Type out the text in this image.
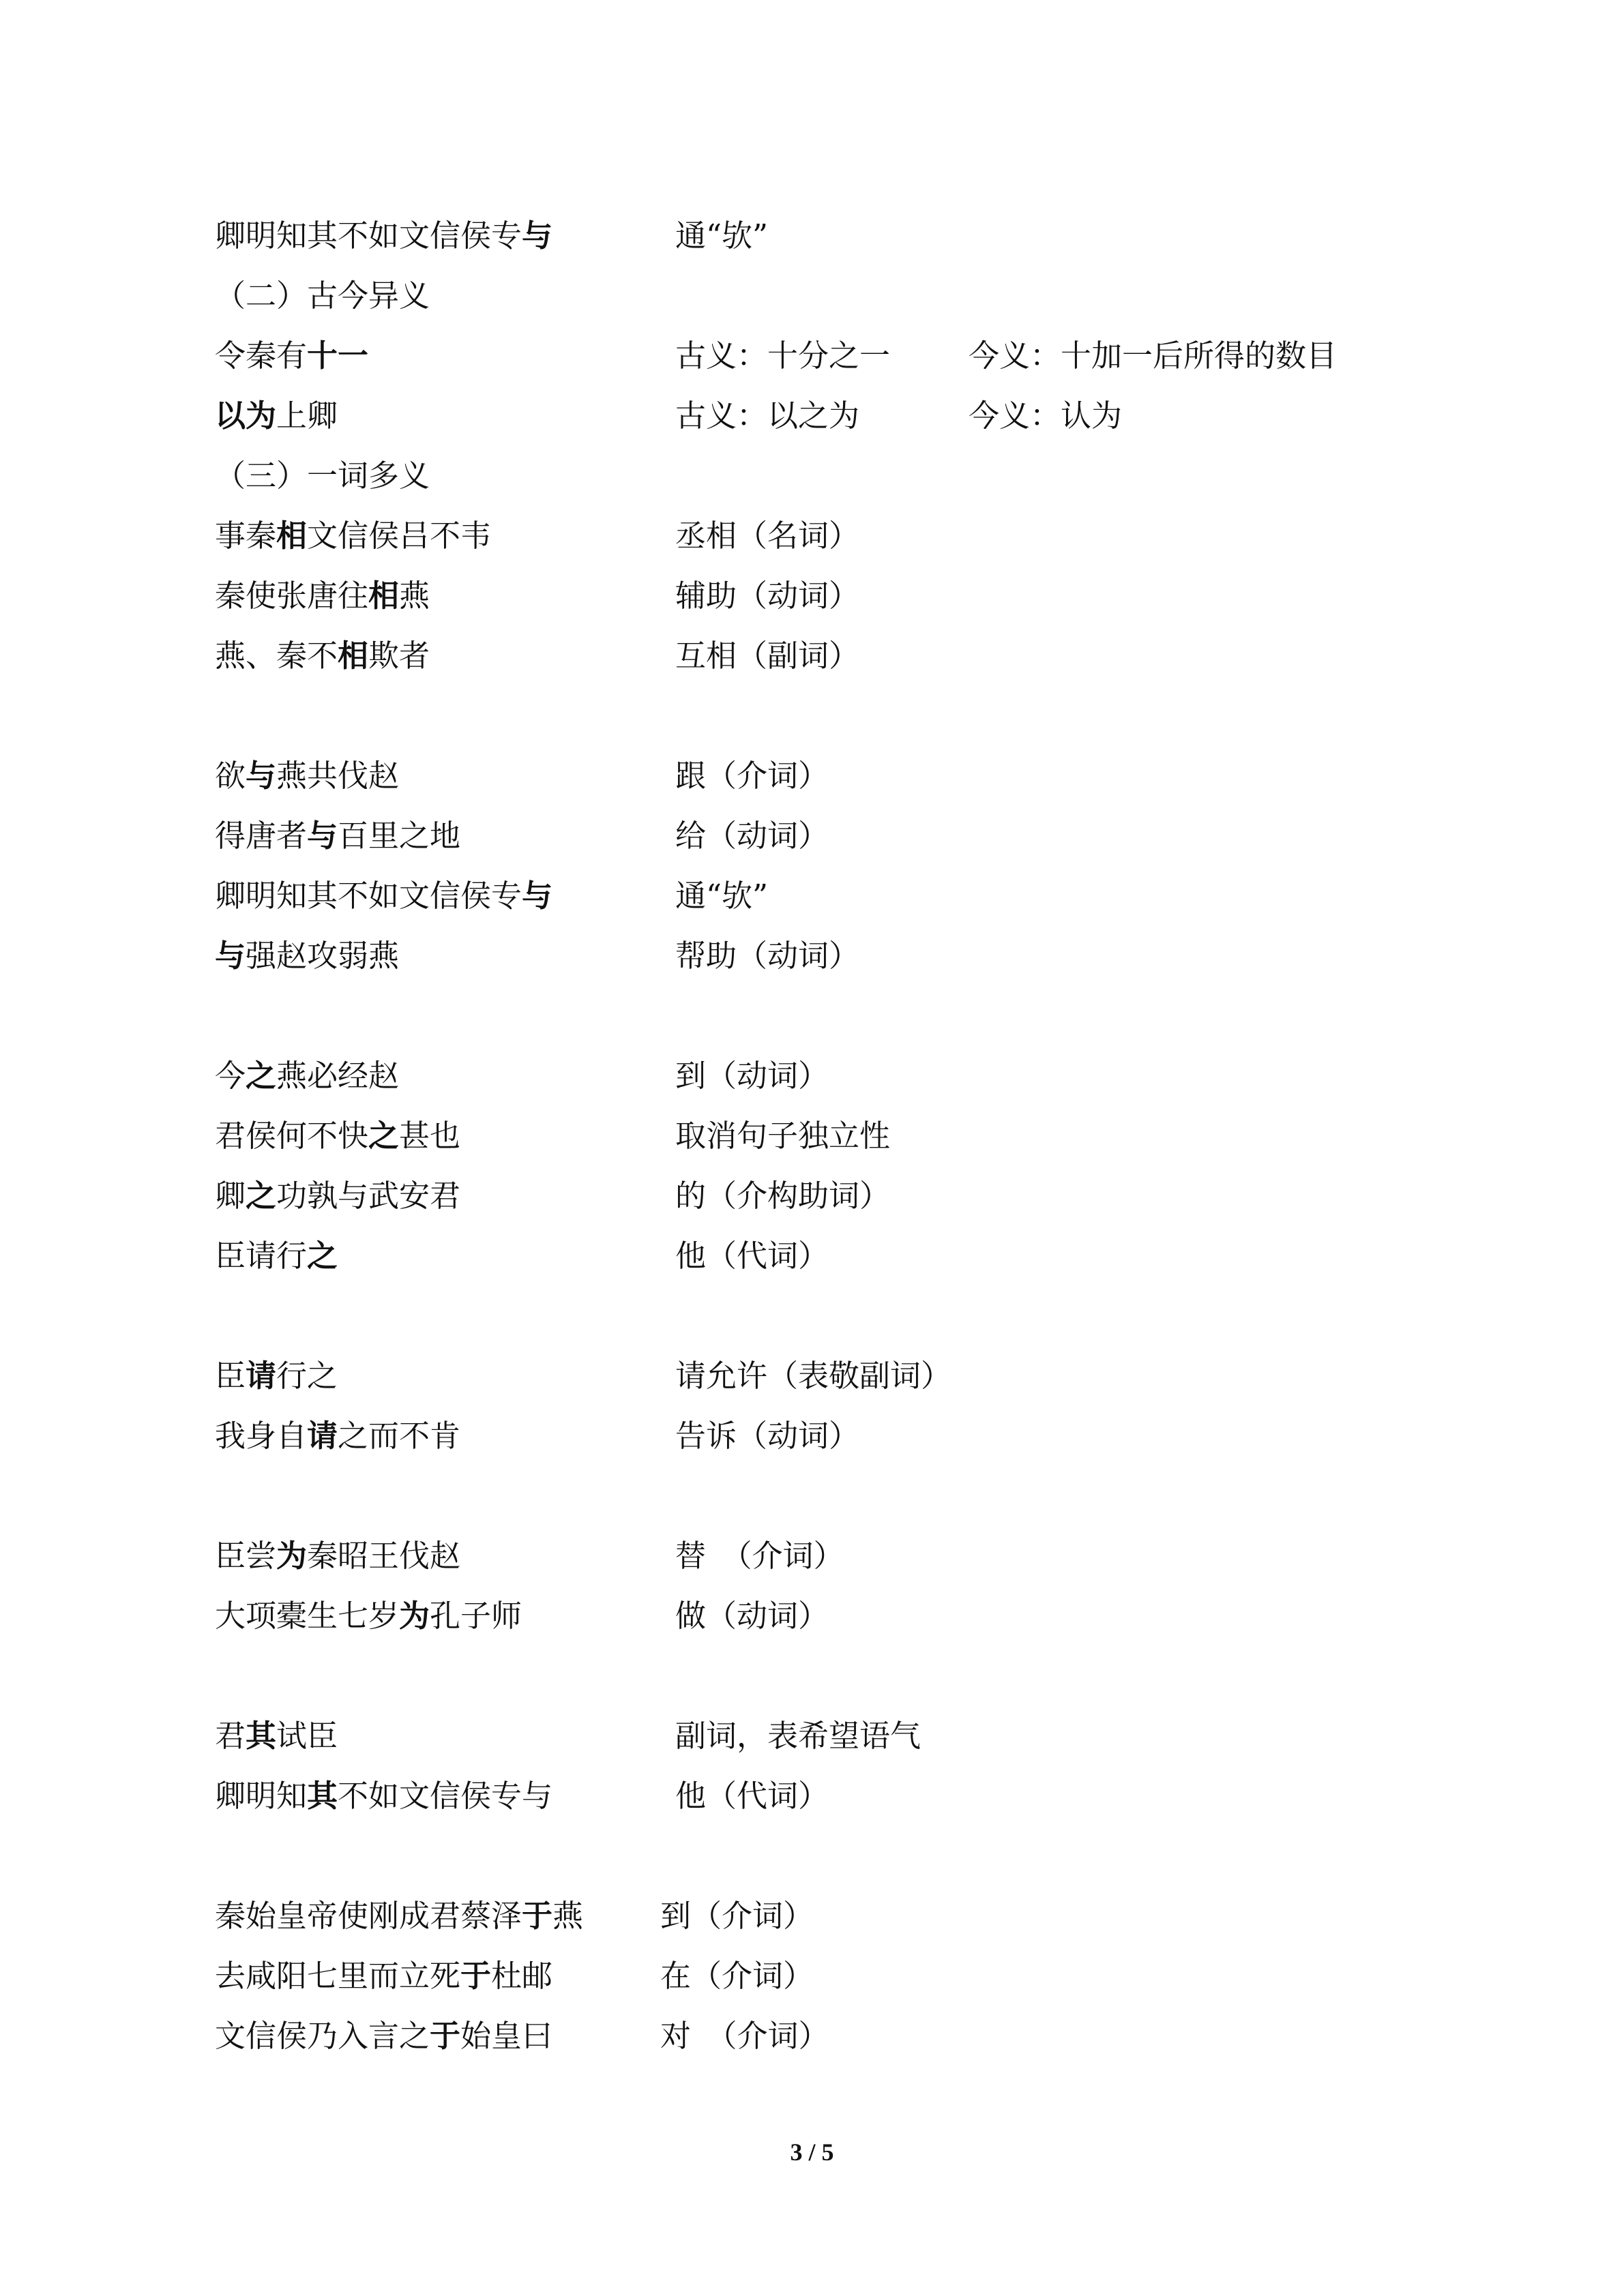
卿明知其不如文信侯专与	通“欤”
（二）古今异义
令秦有十一	古义：十分之一	今义：十加一后所得的数目
以为上卿	古义：以之为	今义：认为
（三）一词多义
事秦相文信侯吕不韦	丞相（名词）
秦使张唐往相燕	辅助（动词）
燕、秦不相欺者	互相（副词）
欲与燕共伐赵	跟（介词）
得唐者与百里之地	给（动词）
卿明知其不如文信侯专与	通“欤”
与强赵攻弱燕	帮助（动词）
今之燕必经赵	到（动词）
君侯何不快之甚也	取消句子独立性
卿之功孰与武安君	的（介构助词）
臣请行之	他（代词）
臣请行之	请允许（表敬副词）
我身自请之而不肯	告诉（动词）
臣尝为秦昭王伐赵	替　（介词）
大项橐生七岁为孔子师	做（动词）
君其试臣	副词，表希望语气
卿明知其不如文信侯专与	他（代词）
秦始皇帝使刚成君蔡泽于燕	到（介词）
去咸阳七里而立死于杜邮	在（介词）
文信侯乃入言之于始皇曰	对　（介词）
3 / 5
